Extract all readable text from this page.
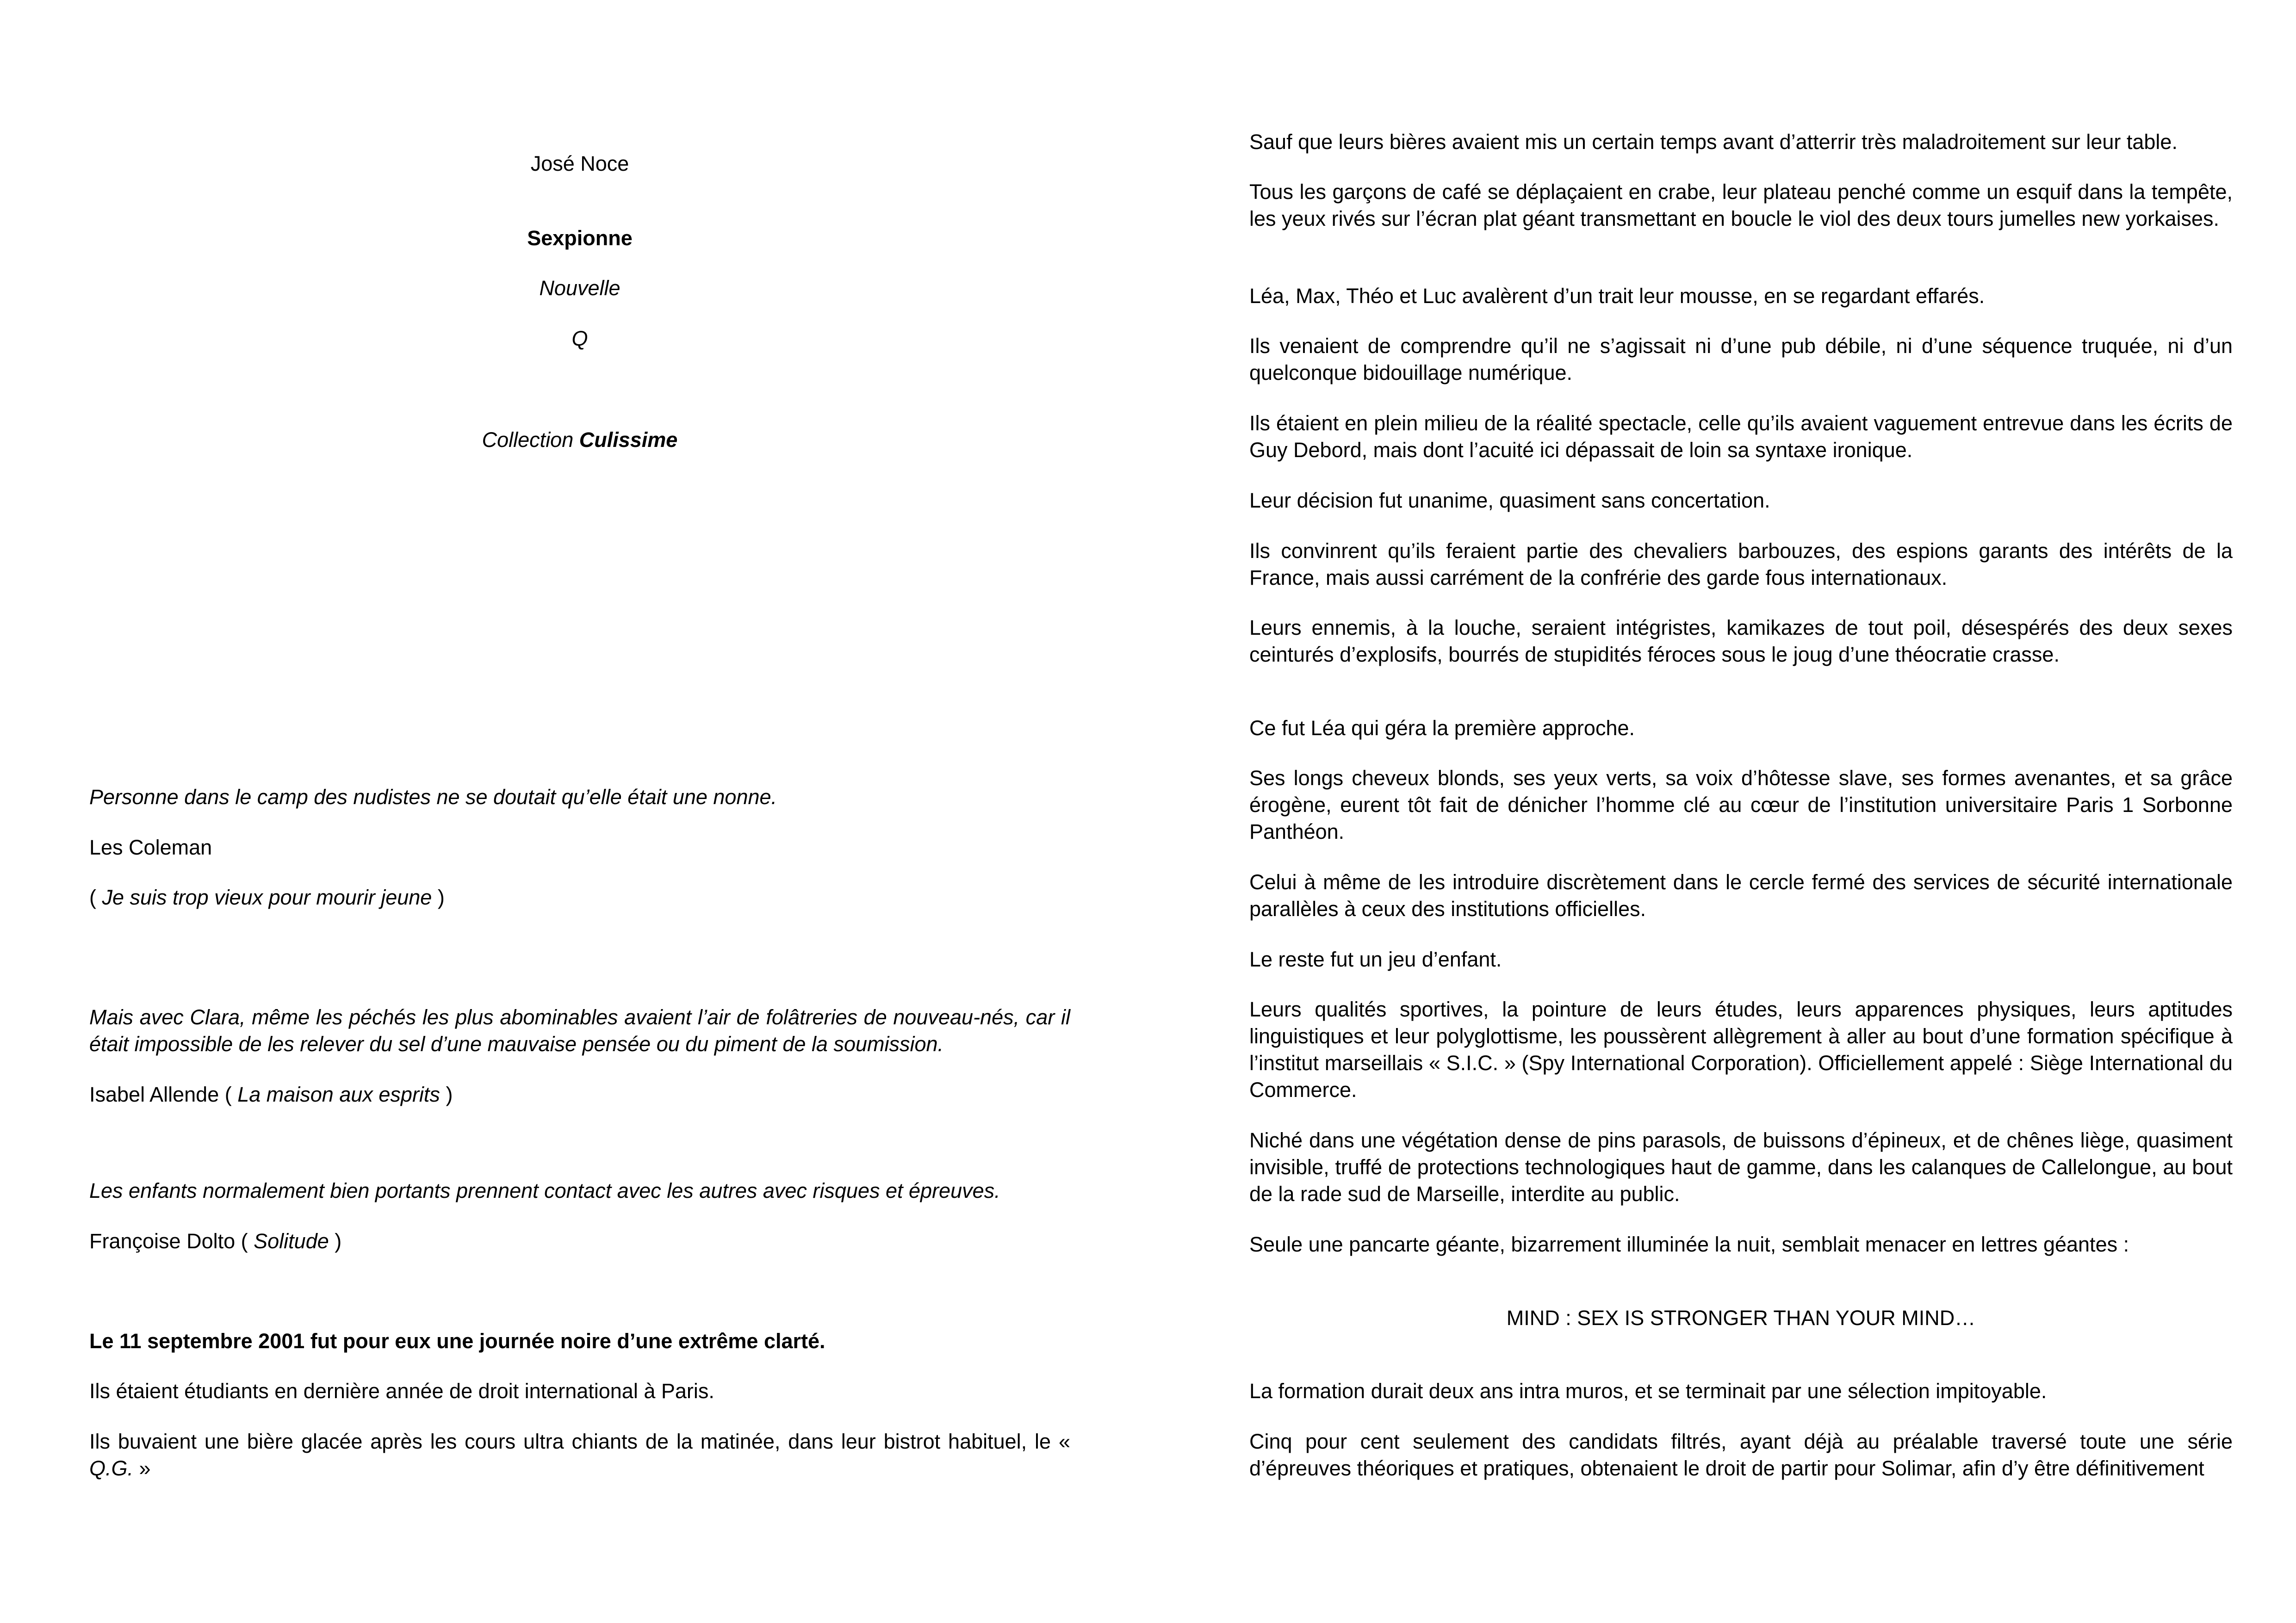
José Noce

Sexpionne

Nouvelle

Q

Collection Culissime

Personne dans le camp des nudistes ne se doutait qu’elle était une nonne.

Les Coleman

( Je suis trop vieux pour mourir jeune )

Mais avec Clara, même les péchés les plus abominables avaient l’air de folâtreries de nouveau-nés, car il était impossible de les relever du sel d’une mauvaise pensée ou du piment de la soumission.

Isabel Allende ( La maison aux esprits )

Les enfants normalement bien portants prennent contact avec les autres avec risques et épreuves.

Françoise Dolto ( Solitude )

Le 11 septembre 2001 fut pour eux une journée noire d’une extrême clarté.

Ils étaient étudiants en dernière année de droit international à Paris.

Ils buvaient une bière glacée après les cours ultra chiants de la matinée, dans leur bistrot habituel, le « Q.G. »

Sauf que leurs bières avaient mis un certain temps avant d’atterrir très maladroitement sur leur table.

Tous les garçons de café se déplaçaient en crabe, leur plateau penché comme un esquif dans la tempête, les yeux rivés sur l’écran plat géant transmettant en boucle le viol des deux tours jumelles new yorkaises.

Léa, Max, Théo et Luc avalèrent d’un trait leur mousse, en se regardant effarés.

Ils venaient de comprendre qu’il ne s’agissait ni d’une pub débile, ni d’une séquence truquée, ni d’un quelconque bidouillage numérique.

Ils étaient en plein milieu de la réalité spectacle, celle qu’ils avaient vaguement entrevue dans les écrits de Guy Debord, mais dont l’acuité ici dépassait de loin sa syntaxe ironique.

Leur décision fut unanime, quasiment sans concertation.

Ils convinrent qu’ils feraient partie des chevaliers barbouzes, des espions garants des intérêts de la France, mais aussi carrément de la confrérie des garde fous internationaux.

Leurs ennemis, à la louche, seraient intégristes, kamikazes de tout poil, désespérés des deux sexes ceinturés d’explosifs, bourrés de stupidités féroces sous le joug d’une théocratie crasse.

Ce fut Léa qui géra la première approche.

Ses longs cheveux blonds, ses yeux verts, sa voix d’hôtesse slave, ses formes avenantes, et sa grâce érogène, eurent tôt fait de dénicher l’homme clé au cœur de l’institution universitaire Paris 1 Sorbonne Panthéon.

Celui à même de les introduire discrètement dans le cercle fermé des services de sécurité internationale parallèles à ceux des institutions officielles.

Le reste fut un jeu d’enfant.

Leurs qualités sportives, la pointure de leurs études, leurs apparences physiques, leurs aptitudes linguistiques et leur polyglottisme, les poussèrent allègrement à aller au bout d’une formation spécifique à l’institut marseillais « S.I.C. » (Spy International Corporation). Officiellement appelé : Siège International du Commerce.

Niché dans une végétation dense de pins parasols, de buissons d’épineux, et de chênes liège, quasiment invisible, truffé de protections technologiques haut de gamme, dans les calanques de Callelongue, au bout de la rade sud de Marseille, interdite au public.

Seule une pancarte géante, bizarrement illuminée la nuit, semblait menacer en lettres géantes :

MIND : SEX IS STRONGER THAN YOUR MIND…

La formation durait deux ans intra muros, et se terminait par une sélection impitoyable.

Cinq pour cent seulement des candidats filtrés, ayant déjà au préalable traversé toute une série d’épreuves théoriques et pratiques, obtenaient le droit de partir pour Solimar, afin d’y être définitivement
